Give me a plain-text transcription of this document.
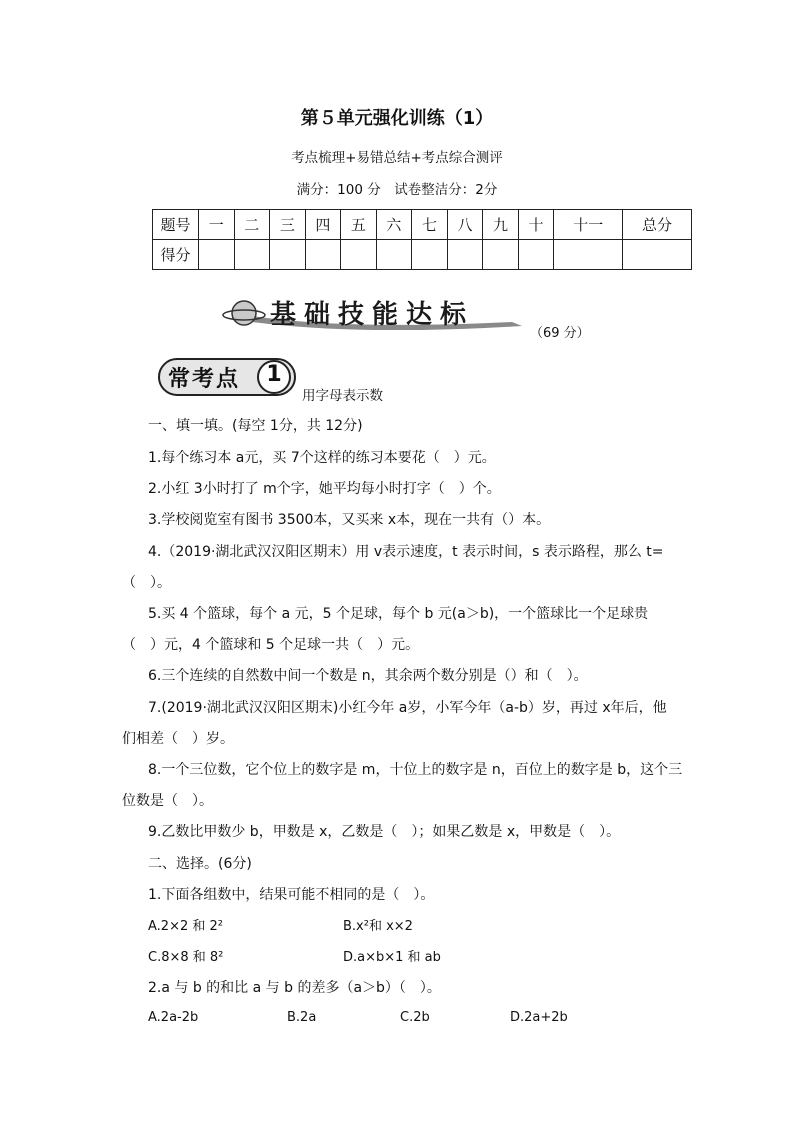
第５单元强化训练（1）
考点梳理+易错总结+考点综合测评
满分：100 分　试卷整洁分：2分
题号	一	二	三	四	五	六	七	八	九	十	十一	总分
得分												
基础技能达标
（69 分）
常考点	1
用字母表示数
一、填一填。(每空 1分，共 12分)
1.每个练习本 a元，买 7个这样的练习本要花（　）元。
2.小红 3小时打了 m个字，她平均每小时打字（　）个。
3.学校阅览室有图书 3500本，又买来 x本，现在一共有（）本。
4.（2019·湖北武汉汉阳区期末）用 v表示速度，t 表示时间，s 表示路程，那么 t=
（　）。
5.买 4 个篮球，每个 a 元，5 个足球，每个 b 元(a＞b)，一个篮球比一个足球贵
（　）元，4 个篮球和 5 个足球一共（　）元。
6.三个连续的自然数中间一个数是 n，其余两个数分别是（）和（　）。
7.(2019·湖北武汉汉阳区期末)小红今年 a岁，小军今年（a-b）岁，再过 x年后，他
们相差（　）岁。
8.一个三位数，它个位上的数字是 m，十位上的数字是 n，百位上的数字是 b，这个三
位数是（　）。
9.乙数比甲数少 b，甲数是 x，乙数是（　）；如果乙数是 x，甲数是（　）。
二、选择。(6分)
1.下面各组数中，结果可能不相同的是（　）。
A.2×2 和 2²	B.x²和 x×2
C.8×8 和 8²	D.a×b×1 和 ab
2.a 与 b 的和比 a 与 b 的差多（a＞b）（　）。
A.2a-2b	B.2a	C.2b	D.2a+2b
